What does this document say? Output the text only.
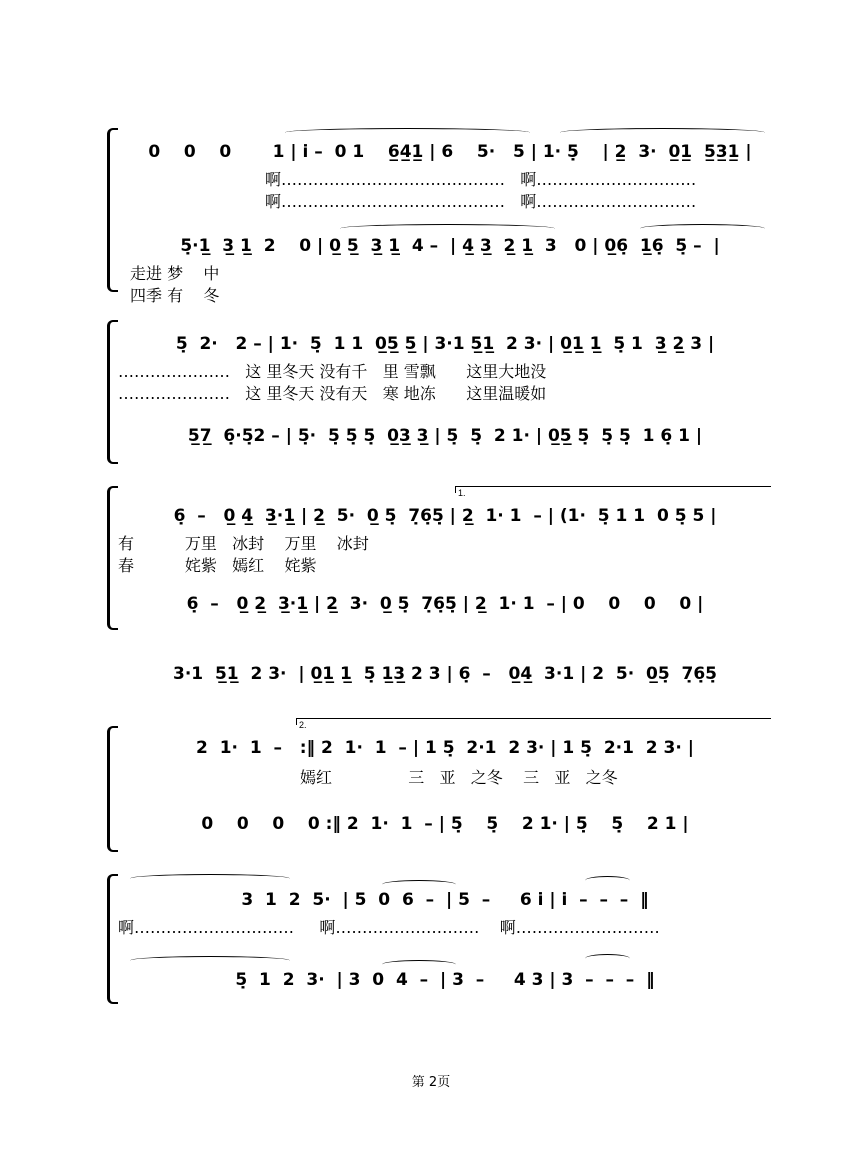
0    0    0       1 | i̇ –  0 1    6̲4̲1̲ | 6    5·   5 | 1· 5̣    | 2̲  3·  0̲1̲  5̲3̲1̲ |
啊……………………………………   啊…………………………
啊……………………………………   啊…………………………
5̣·1̲  3̲ 1̲  2    0 | 0̲ 5̲  3̲ 1̲  4 –  | 4̲ 3̲  2̲ 1̲  3   0 | 0̲6̣  1̲6̣  5̣ –  |
走进 梦    中
四季 有    冬
5̣  2·   2 – | 1·  5̣  1 1  0̲5̲ 5̲ | 3·1 5̲1̲  2 3· | 0̲1̲ 1̲  5̣ 1  3̲ 2̲ 3 |
…………………   这 里冬天 没有千   里 雪飘      这里大地没
…………………   这 里冬天 没有天   寒 地冻      这里温暖如
5̲7̲  6̣·5̣2 – | 5̣·  5̣ 5̣ 5̣  0̲3̲ 3̲ | 5̣  5̣  2 1· | 0̲5̲ 5̣  5̣ 5̣  1 6̣ 1 |
1.
6̣  –   0̲ 4̲  3̲·1̲ | 2̲  5·  0̲ 5̣  7̣6̣5̣ | 2̲  1· 1  – | (1·  5̣ 1 1  0 5̣ 5 |
有          万里   冰封    万里    冰封
春          姹紫   嫣红    姹紫
6̣  –   0̲ 2̲  3̲·1̲ | 2̲  3·  0̲ 5̣  7̣6̣5̣ | 2̲  1· 1  – | 0    0    0    0 |
3·1  5̲1̲  2 3·  | 0̲1̲ 1̲  5̣ 1̲3̲ 2 3 | 6̣  –   0̲4̲  3·1 | 2  5·  0̲5̣  7̣6̣5̣
2.
2  1·  1  –   :‖ 2  1·  1  – | 1 5̣  2·1  2 3· | 1 5̣  2·1  2 3· |
嫣红               三   亚   之冬    三   亚   之冬
0    0    0    0 :‖ 2  1·  1  – | 5̣    5̣    2 1· | 5̣    5̣    2 1 |
3  1  2  5·  | 5  0  6  –  | 5  –     6 i̇ | i̇  –  –  –  ‖
啊…………………………     啊………………………    啊………………………
5̣  1  2  3·  | 3  0  4  –  | 3  –     4 3 | 3  –  –  –  ‖
第 2页
